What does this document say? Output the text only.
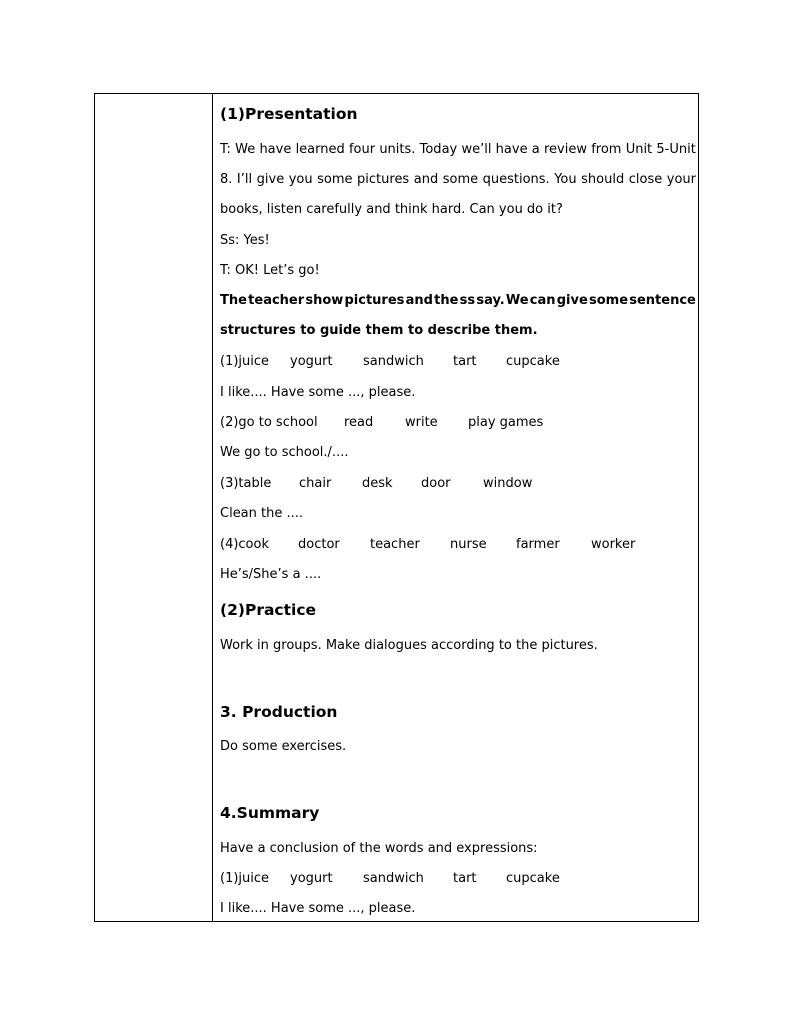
(1)Presentation
T: We have learned four units. Today we’ll have a review from Unit 5-Unit
8. I’ll give you some pictures and some questions. You should close your
books, listen carefully and think hard. Can you do it?
Ss: Yes!
T: OK! Let’s go!
The teacher show pictures and the ss say. We can give some sentence
structures to guide them to describe them.
(1)juice	yogurt	sandwich	tart	cupcake
I like.... Have some ..., please.
(2)go to school	read	write	play games
We go to school./....
(3)table	chair	desk	door	window
Clean the ....
(4)cook	doctor	teacher	nurse	farmer	worker
He’s/She’s a ....
(2)Practice
Work in groups. Make dialogues according to the pictures.
3. Production
Do some exercises.
4.Summary
Have a conclusion of the words and expressions:
(1)juice	yogurt	sandwich	tart	cupcake
I like.... Have some ..., please.
